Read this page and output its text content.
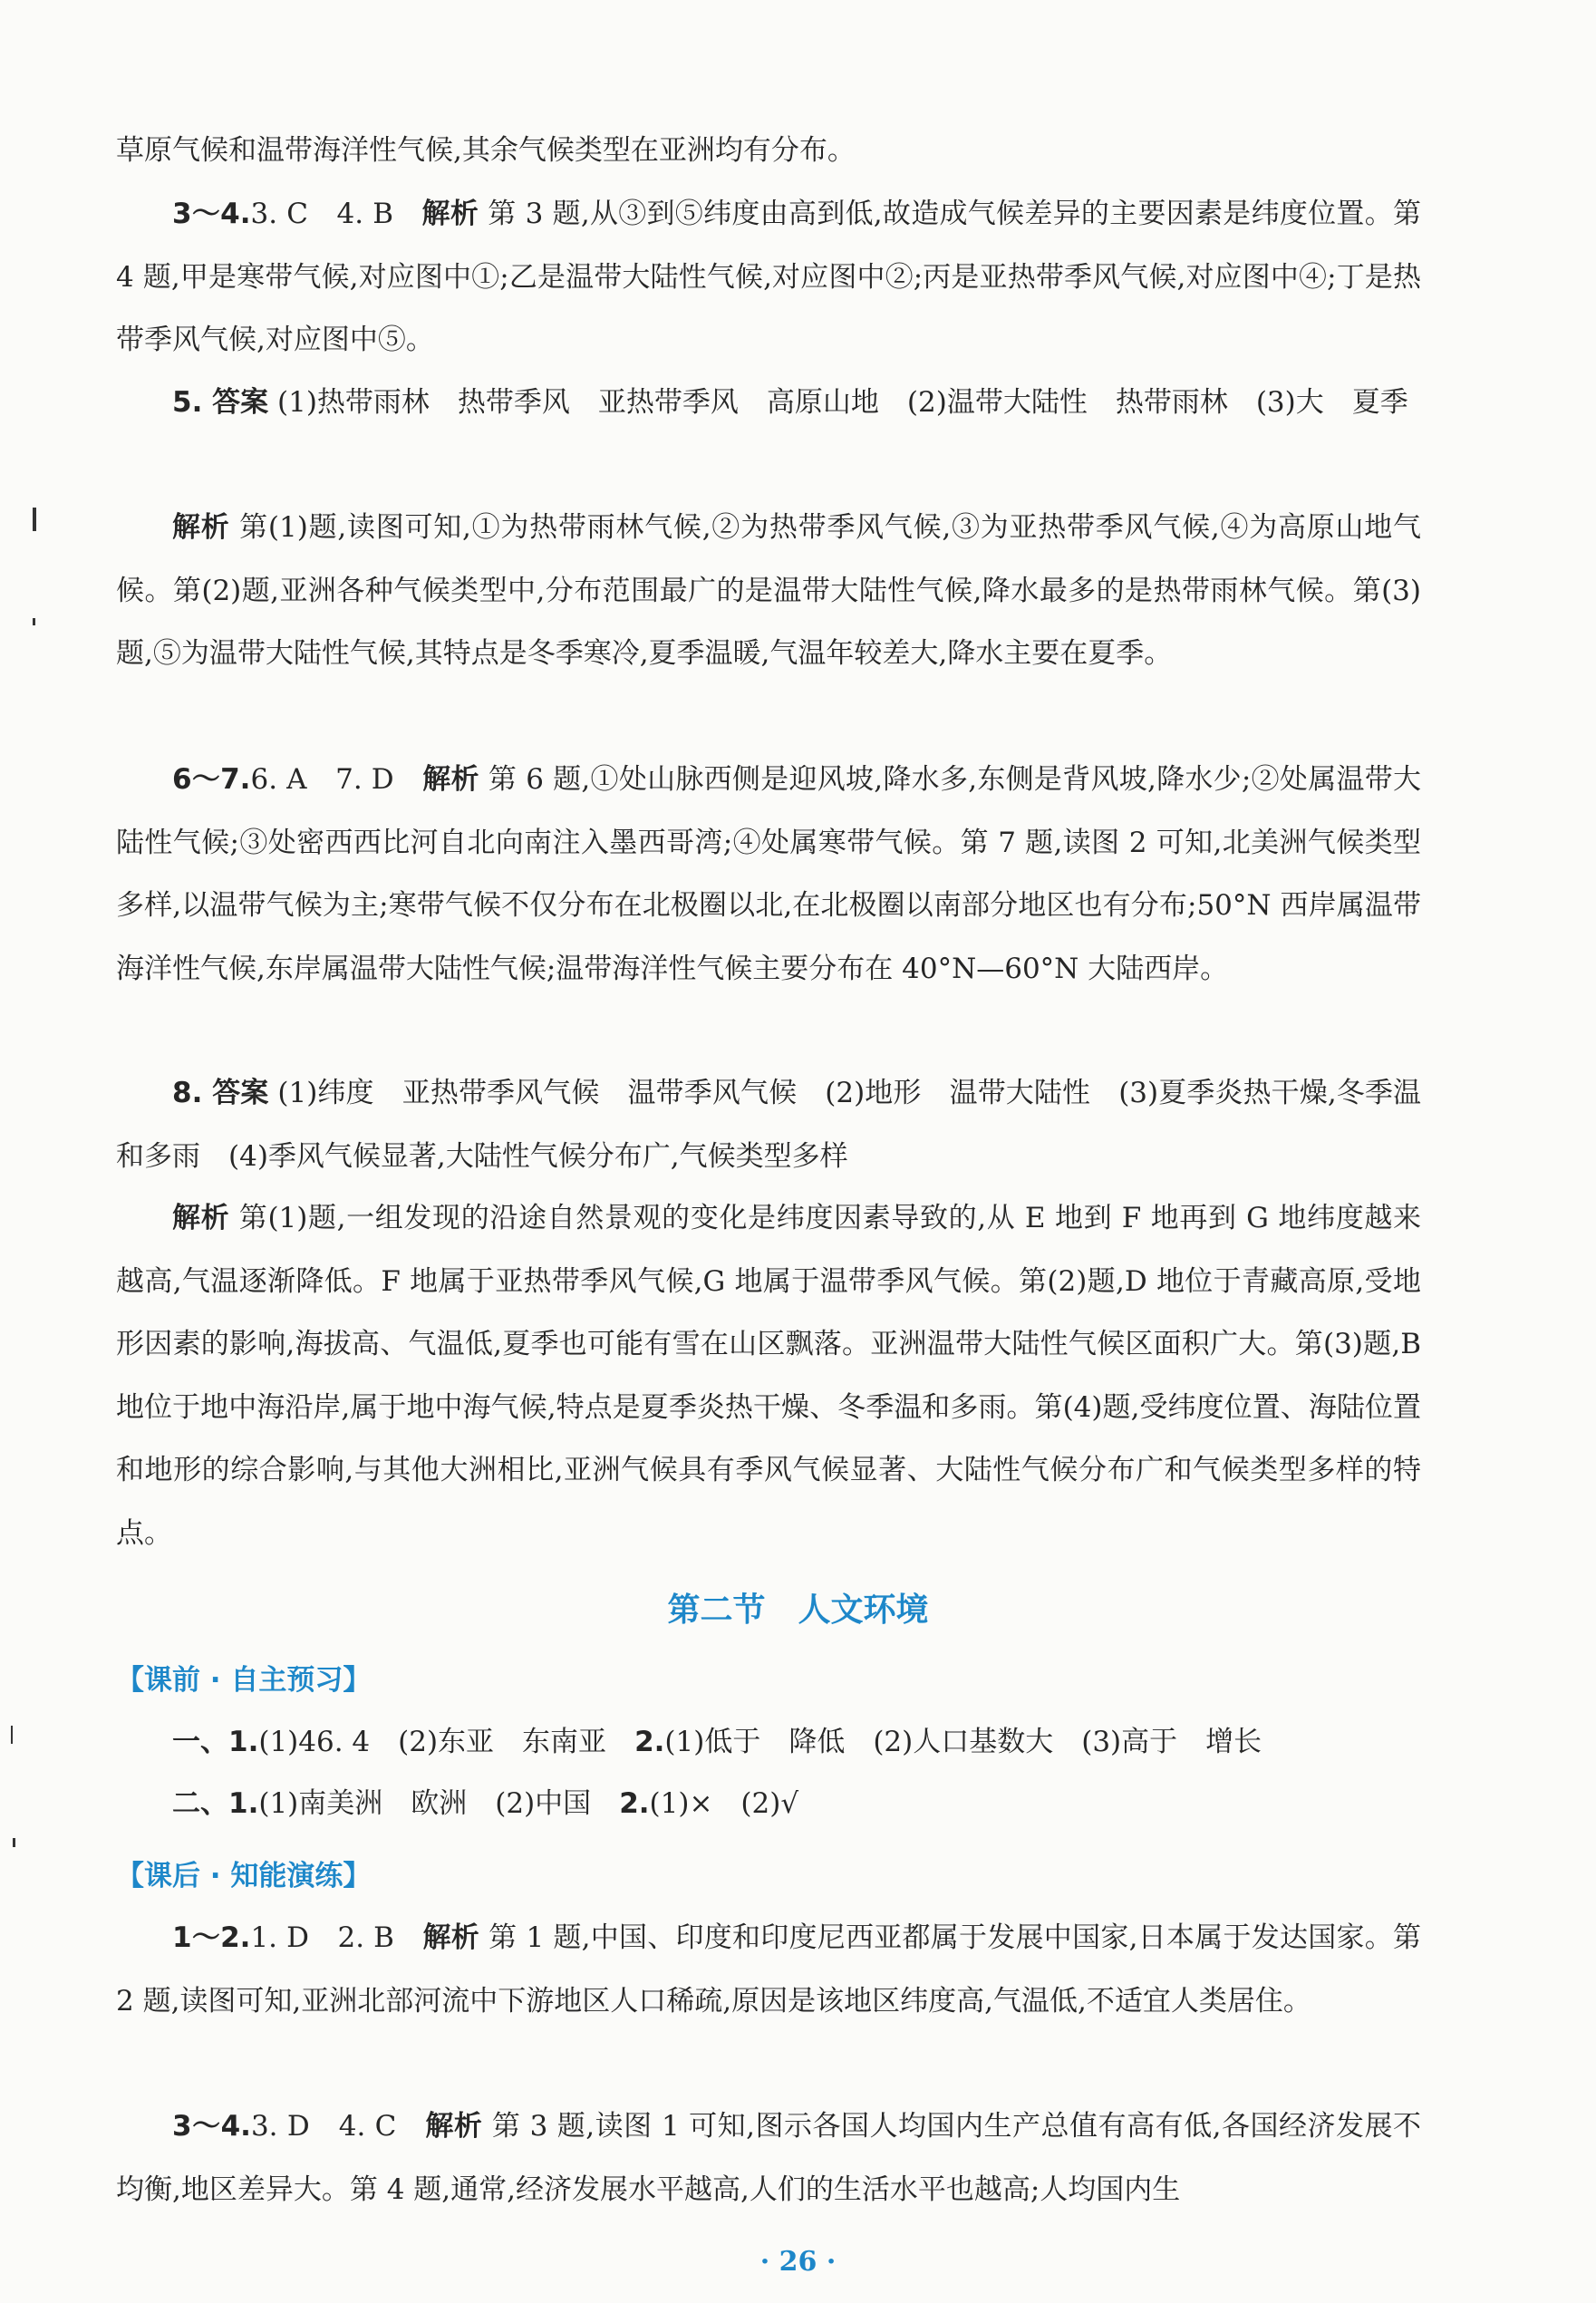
草原气候和温带海洋性气候,其余气候类型在亚洲均有分布。

3～4.3. C　4. B　解析 第 3 题,从③到⑤纬度由高到低,故造成气候差异的主要因素是纬度位置。第 4 题,甲是寒带气候,对应图中①;乙是温带大陆性气候,对应图中②;丙是亚热带季风气候,对应图中④;丁是热带季风气候,对应图中⑤。

5. 答案 (1)热带雨林　热带季风　亚热带季风　高原山地　(2)温带大陆性　热带雨林　(3)大　夏季

解析 第(1)题,读图可知,①为热带雨林气候,②为热带季风气候,③为亚热带季风气候,④为高原山地气候。第(2)题,亚洲各种气候类型中,分布范围最广的是温带大陆性气候,降水最多的是热带雨林气候。第(3)题,⑤为温带大陆性气候,其特点是冬季寒冷,夏季温暖,气温年较差大,降水主要在夏季。

6～7.6. A　7. D　解析 第 6 题,①处山脉西侧是迎风坡,降水多,东侧是背风坡,降水少;②处属温带大陆性气候;③处密西西比河自北向南注入墨西哥湾;④处属寒带气候。第 7 题,读图 2 可知,北美洲气候类型多样,以温带气候为主;寒带气候不仅分布在北极圈以北,在北极圈以南部分地区也有分布;50°N 西岸属温带海洋性气候,东岸属温带大陆性气候;温带海洋性气候主要分布在 40°N—60°N 大陆西岸。

8. 答案 (1)纬度　亚热带季风气候　温带季风气候　(2)地形　温带大陆性　(3)夏季炎热干燥,冬季温和多雨　(4)季风气候显著,大陆性气候分布广,气候类型多样

解析 第(1)题,一组发现的沿途自然景观的变化是纬度因素导致的,从 E 地到 F 地再到 G 地纬度越来越高,气温逐渐降低。F 地属于亚热带季风气候,G 地属于温带季风气候。第(2)题,D 地位于青藏高原,受地形因素的影响,海拔高、气温低,夏季也可能有雪在山区飘落。亚洲温带大陆性气候区面积广大。第(3)题,B 地位于地中海沿岸,属于地中海气候,特点是夏季炎热干燥、冬季温和多雨。第(4)题,受纬度位置、海陆位置和地形的综合影响,与其他大洲相比,亚洲气候具有季风气候显著、大陆性气候分布广和气候类型多样的特点。

第二节　人文环境

【课前 · 自主预习】

一、1.(1)46. 4　(2)东亚　东南亚　2.(1)低于　降低　(2)人口基数大　(3)高于　增长

二、1.(1)南美洲　欧洲　(2)中国　2.(1)×　(2)√

【课后 · 知能演练】

1～2.1. D　2. B　解析 第 1 题,中国、印度和印度尼西亚都属于发展中国家,日本属于发达国家。第 2 题,读图可知,亚洲北部河流中下游地区人口稀疏,原因是该地区纬度高,气温低,不适宜人类居住。

3～4.3. D　4. C　解析 第 3 题,读图 1 可知,图示各国人均国内生产总值有高有低,各国经济发展不均衡,地区差异大。第 4 题,通常,经济发展水平越高,人们的生活水平也越高;人均国内生

· 26 ·
